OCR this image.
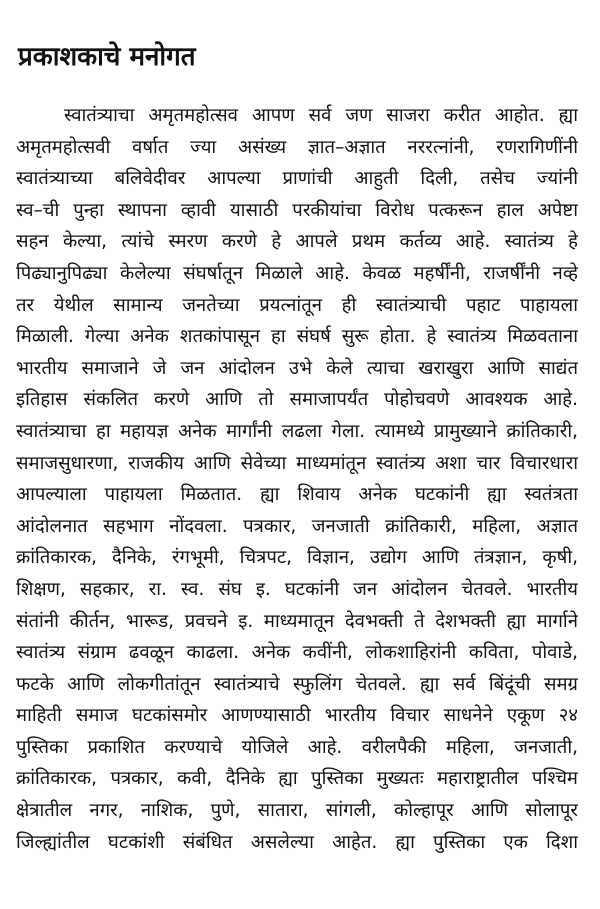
प्रकाशकाचे मनोगत
स्वातंत्र्याचा अमृतमहोत्सव आपण सर्व जण साजरा करीत आहोत. ह्या
अमृतमहोत्सवी वर्षात ज्या असंख्य ज्ञात–अज्ञात नररत्नांनी, रणरागिणींनी
स्वातंत्र्याच्या बलिवेदीवर आपल्या प्राणांची आहुती दिली, तसेच ज्यांनी
स्व–ची पुन्हा स्थापना व्हावी यासाठी परकीयांचा विरोध पत्करून हाल अपेष्टा
सहन केल्या, त्यांचे स्मरण करणे हे आपले प्रथम कर्तव्य आहे. स्वातंत्र्य हे
पिढ्यानुपिढ्या केलेल्या संघर्षातून मिळाले आहे. केवळ महर्षींनी, राजर्षींनी नव्हे
तर येथील सामान्य जनतेच्या प्रयत्नांतून ही स्वातंत्र्याची पहाट पाहायला
मिळाली. गेल्या अनेक शतकांपासून हा संघर्ष सुरू होता. हे स्वातंत्र्य मिळवताना
भारतीय समाजाने जे जन आंदोलन उभे केले त्याचा खराखुरा आणि साद्यंत
इतिहास संकलित करणे आणि तो समाजापर्यंत पोहोचवणे आवश्यक आहे.
स्वातंत्र्याचा हा महायज्ञ अनेक मार्गांनी लढला गेला. त्यामध्ये प्रामुख्याने क्रांतिकारी,
समाजसुधारणा, राजकीय आणि सेवेच्या माध्यमांतून स्वातंत्र्य अशा चार विचारधारा
आपल्याला पाहायला मिळतात. ह्या शिवाय अनेक घटकांनी ह्या स्वतंत्रता
आंदोलनात सहभाग नोंदवला. पत्रकार, जनजाती क्रांतिकारी, महिला, अज्ञात
क्रांतिकारक, दैनिके, रंगभूमी, चित्रपट, विज्ञान, उद्योग आणि तंत्रज्ञान, कृषी,
शिक्षण, सहकार, रा. स्व. संघ इ. घटकांनी जन आंदोलन चेतवले. भारतीय
संतांनी कीर्तन, भारूड, प्रवचने इ. माध्यमातून देवभक्ती ते देशभक्ती ह्या मार्गाने
स्वातंत्र्य संग्राम ढवळून काढला. अनेक कवींनी, लोकशाहिरांनी कविता, पोवाडे,
फटके आणि लोकगीतांतून स्वातंत्र्याचे स्फुलिंग चेतवले. ह्या सर्व बिंदूंची समग्र
माहिती समाज घटकांसमोर आणण्यासाठी भारतीय विचार साधनेने एकूण २४
पुस्तिका प्रकाशित करण्याचे योजिले आहे. वरीलपैकी महिला, जनजाती,
क्रांतिकारक, पत्रकार, कवी, दैनिके ह्या पुस्तिका मुख्यतः महाराष्ट्रातील पश्चिम
क्षेत्रातील नगर, नाशिक, पुणे, सातारा, सांगली, कोल्हापूर आणि सोलापूर
जिल्ह्यांतील घटकांशी संबंधित असलेल्या आहेत. ह्या पुस्तिका एक दिशा
